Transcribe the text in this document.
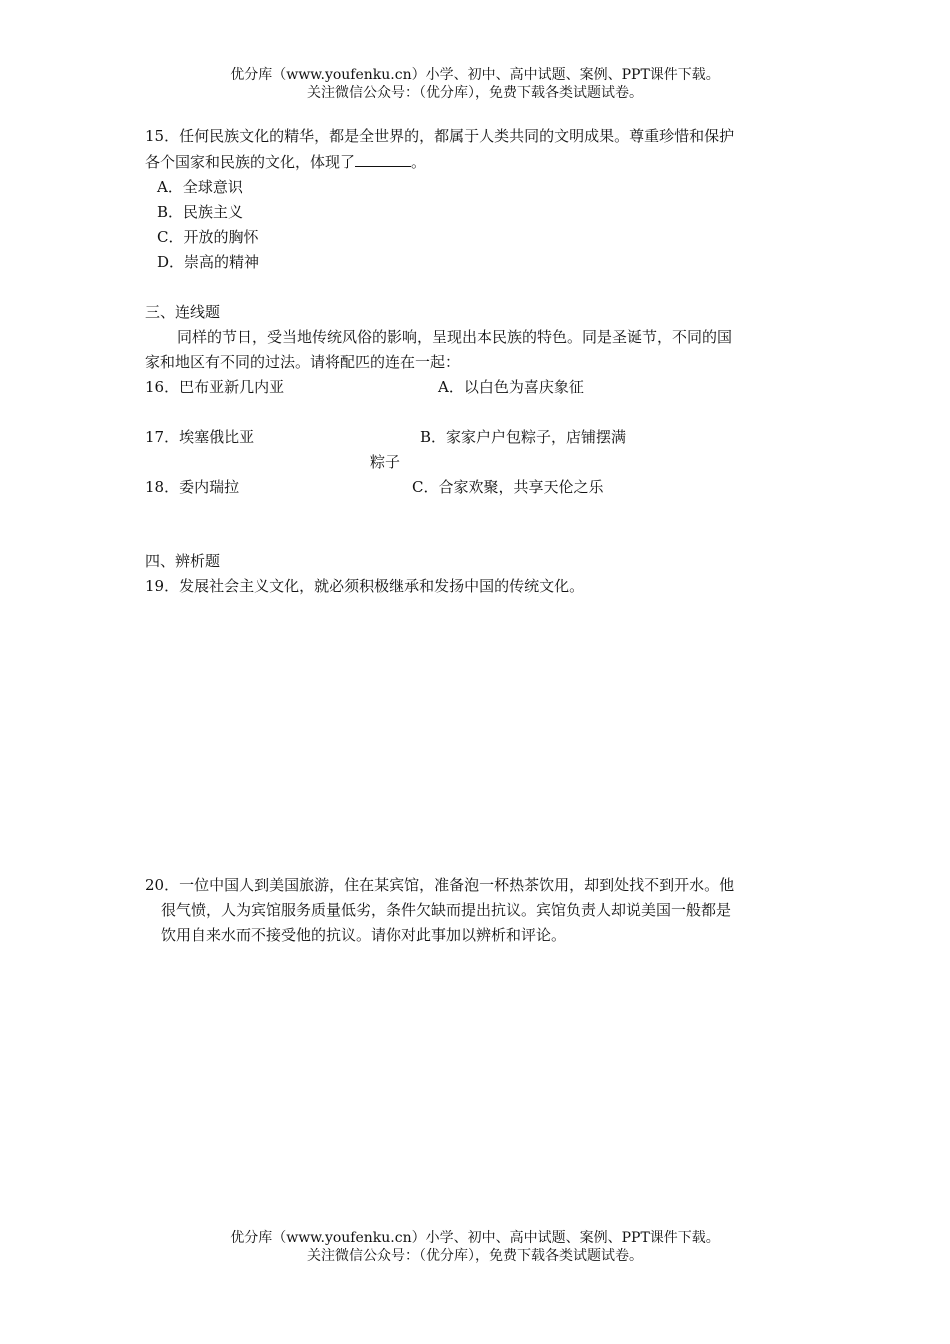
优分库（www.youfenku.cn）小学、初中、高中试题、案例、PPT课件下载。
关注微信公众号：（优分库），免费下载各类试题试卷。
15．任何民族文化的精华，都是全世界的，都属于人类共同的文明成果。尊重珍惜和保护
各个国家和民族的文化，体现了	。
A．全球意识
B．民族主义
C．开放的胸怀
D．崇高的精神
三、连线题
同样的节日，受当地传统风俗的影响，呈现出本民族的特色。同是圣诞节，不同的国
家和地区有不同的过法。请将配匹的连在一起：
16．巴布亚新几内亚	A．以白色为喜庆象征
17．埃塞俄比亚	B．家家户户包粽子，店铺摆满
粽子
18．委内瑞拉	C．合家欢聚，共享天伦之乐
四、辨析题
19．发展社会主义文化，就必须积极继承和发扬中国的传统文化。
20．一位中国人到美国旅游，住在某宾馆，准备泡一杯热茶饮用，却到处找不到开水。他
很气愤，人为宾馆服务质量低劣，条件欠缺而提出抗议。宾馆负责人却说美国一般都是
饮用自来水而不接受他的抗议。请你对此事加以辨析和评论。
优分库（www.youfenku.cn）小学、初中、高中试题、案例、PPT课件下载。
关注微信公众号：（优分库），免费下载各类试题试卷。
